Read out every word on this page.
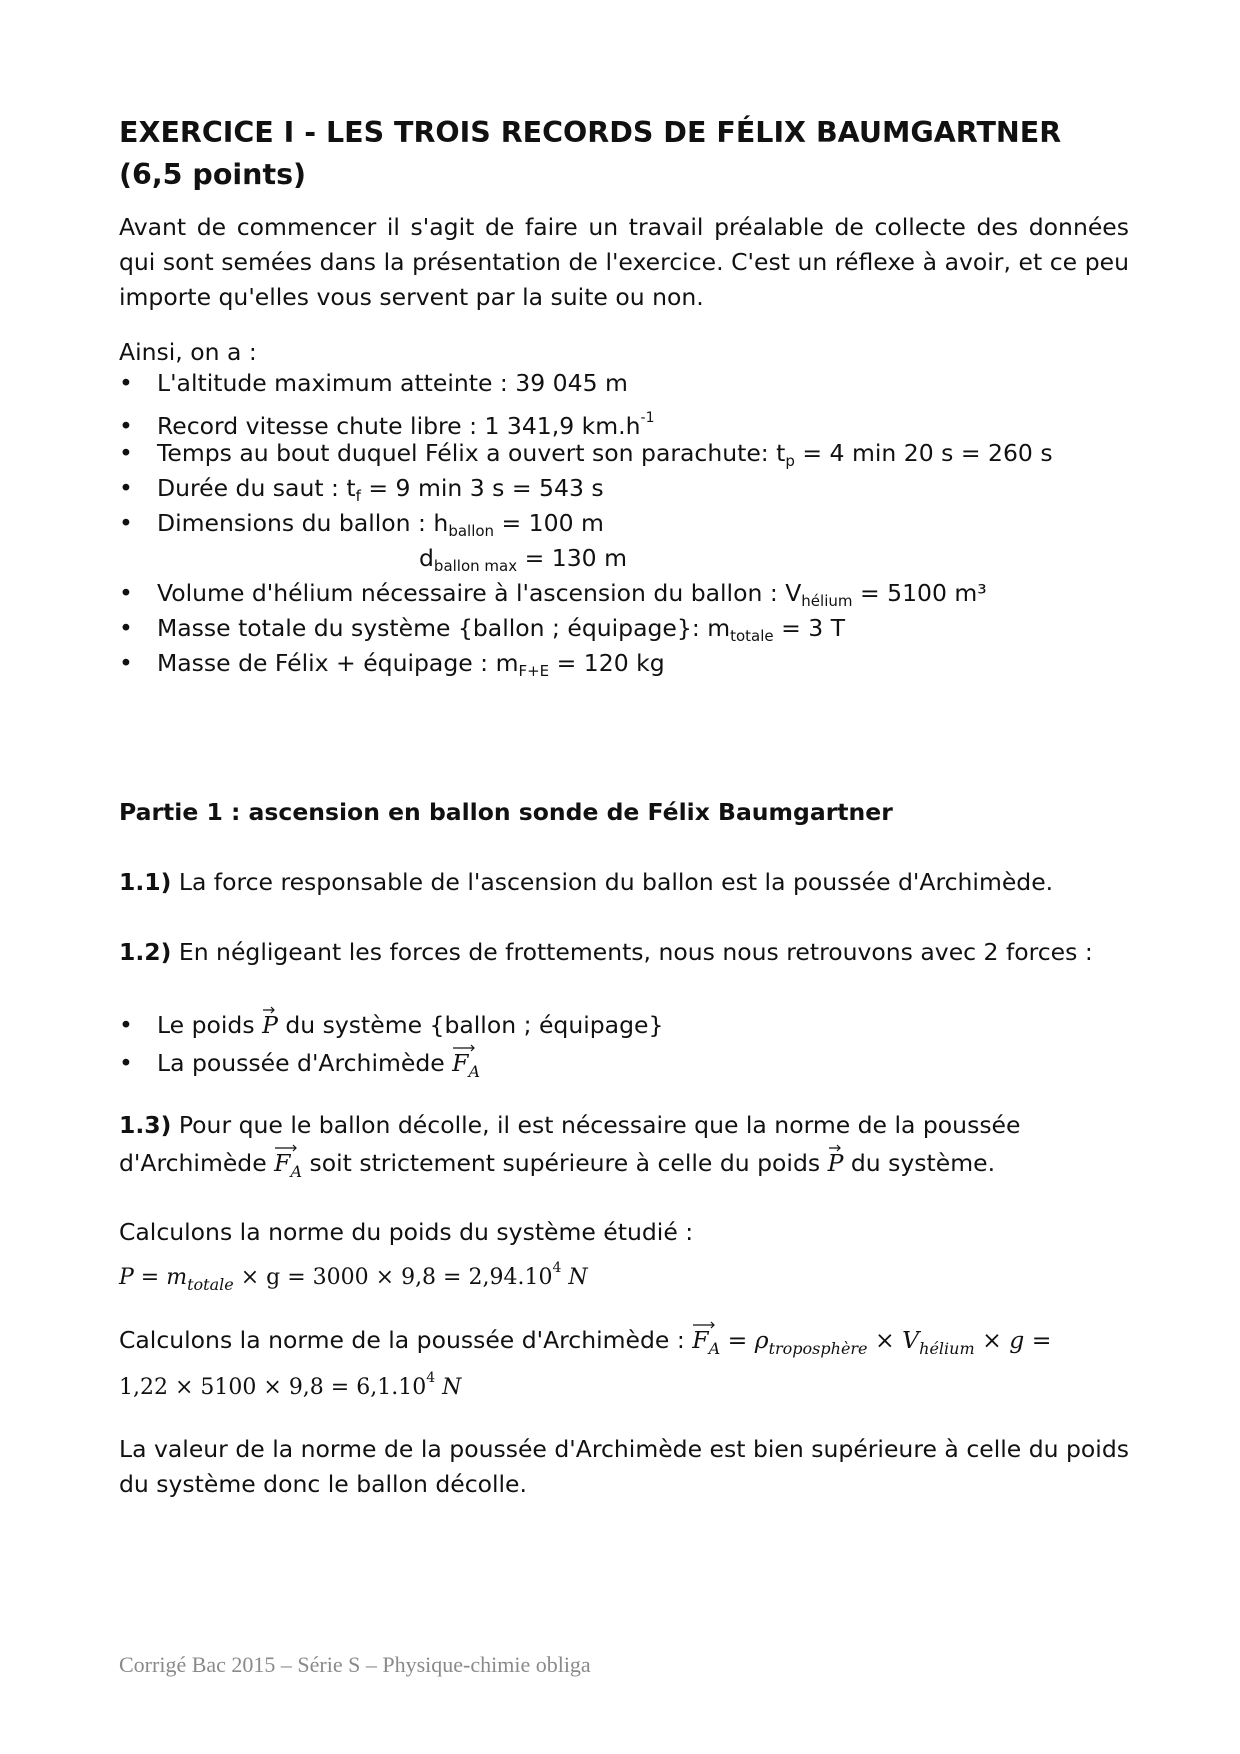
EXERCICE I - LES TROIS RECORDS DE FÉLIX BAUMGARTNER (6,5 points)

Avant de commencer il s'agit de faire un travail préalable de collecte des données qui sont semées dans la présentation de l'exercice. C'est un réflexe à avoir, et ce peu importe qu'elles vous servent par la suite ou non.

Ainsi, on a :
• L'altitude maximum atteinte : 39 045 m
• Record vitesse chute libre : 1 341,9 $km.h^{-1}$
• Temps au bout duquel Félix a ouvert son parachute: $t_p = 4$ min 20 s = 260 s
• Durée du saut : $t_f = 9$ min 3 s = 543 s
• Dimensions du ballon : $h_{ballon} = 100$ m
$d_{ballon max} = 130$ m
• Volume d'hélium nécessaire à l'ascension du ballon : $V_{hélium} = 5100$ m³
• Masse totale du système {ballon ; équipage}: $m_{totale} = 3$ T
• Masse de Félix + équipage : $m_{F+E} = 120$ kg
Partie 1 : ascension en ballon sonde de Félix Baumgartner
1.1) La force responsable de l'ascension du ballon est la poussée d'Archimède.

1.2) En négligeant les forces de frottements, nous nous retrouvons avec 2 forces :

• Le poids
P du système {ballon ; équipage}
• La poussée d'Archimède
$F_A$
1.3) Pour que le ballon décolle, il est nécessaire que la norme de la poussée
d'Archimède
$F_A$ soit strictement supérieure à celle du poids
P du système.
Calculons la norme du poids du système étudié :
$P = m_{totale} \times g = 3000 \times 9,8 = 2,94.10^4$ N
Calculons la norme de la poussée d'Archimède :
$F_A = \rho_{troposphère} \times V_{hélium} \times g$ =
$1,22 \times 5100 \times 9,8 = 6,1.10^4$ N

La valeur de la norme de la poussée d'Archimède est bien supérieure à celle du poids du système donc le ballon décolle.

Corrigé Bac 2015 – Série S – Physique-chimie obliga
